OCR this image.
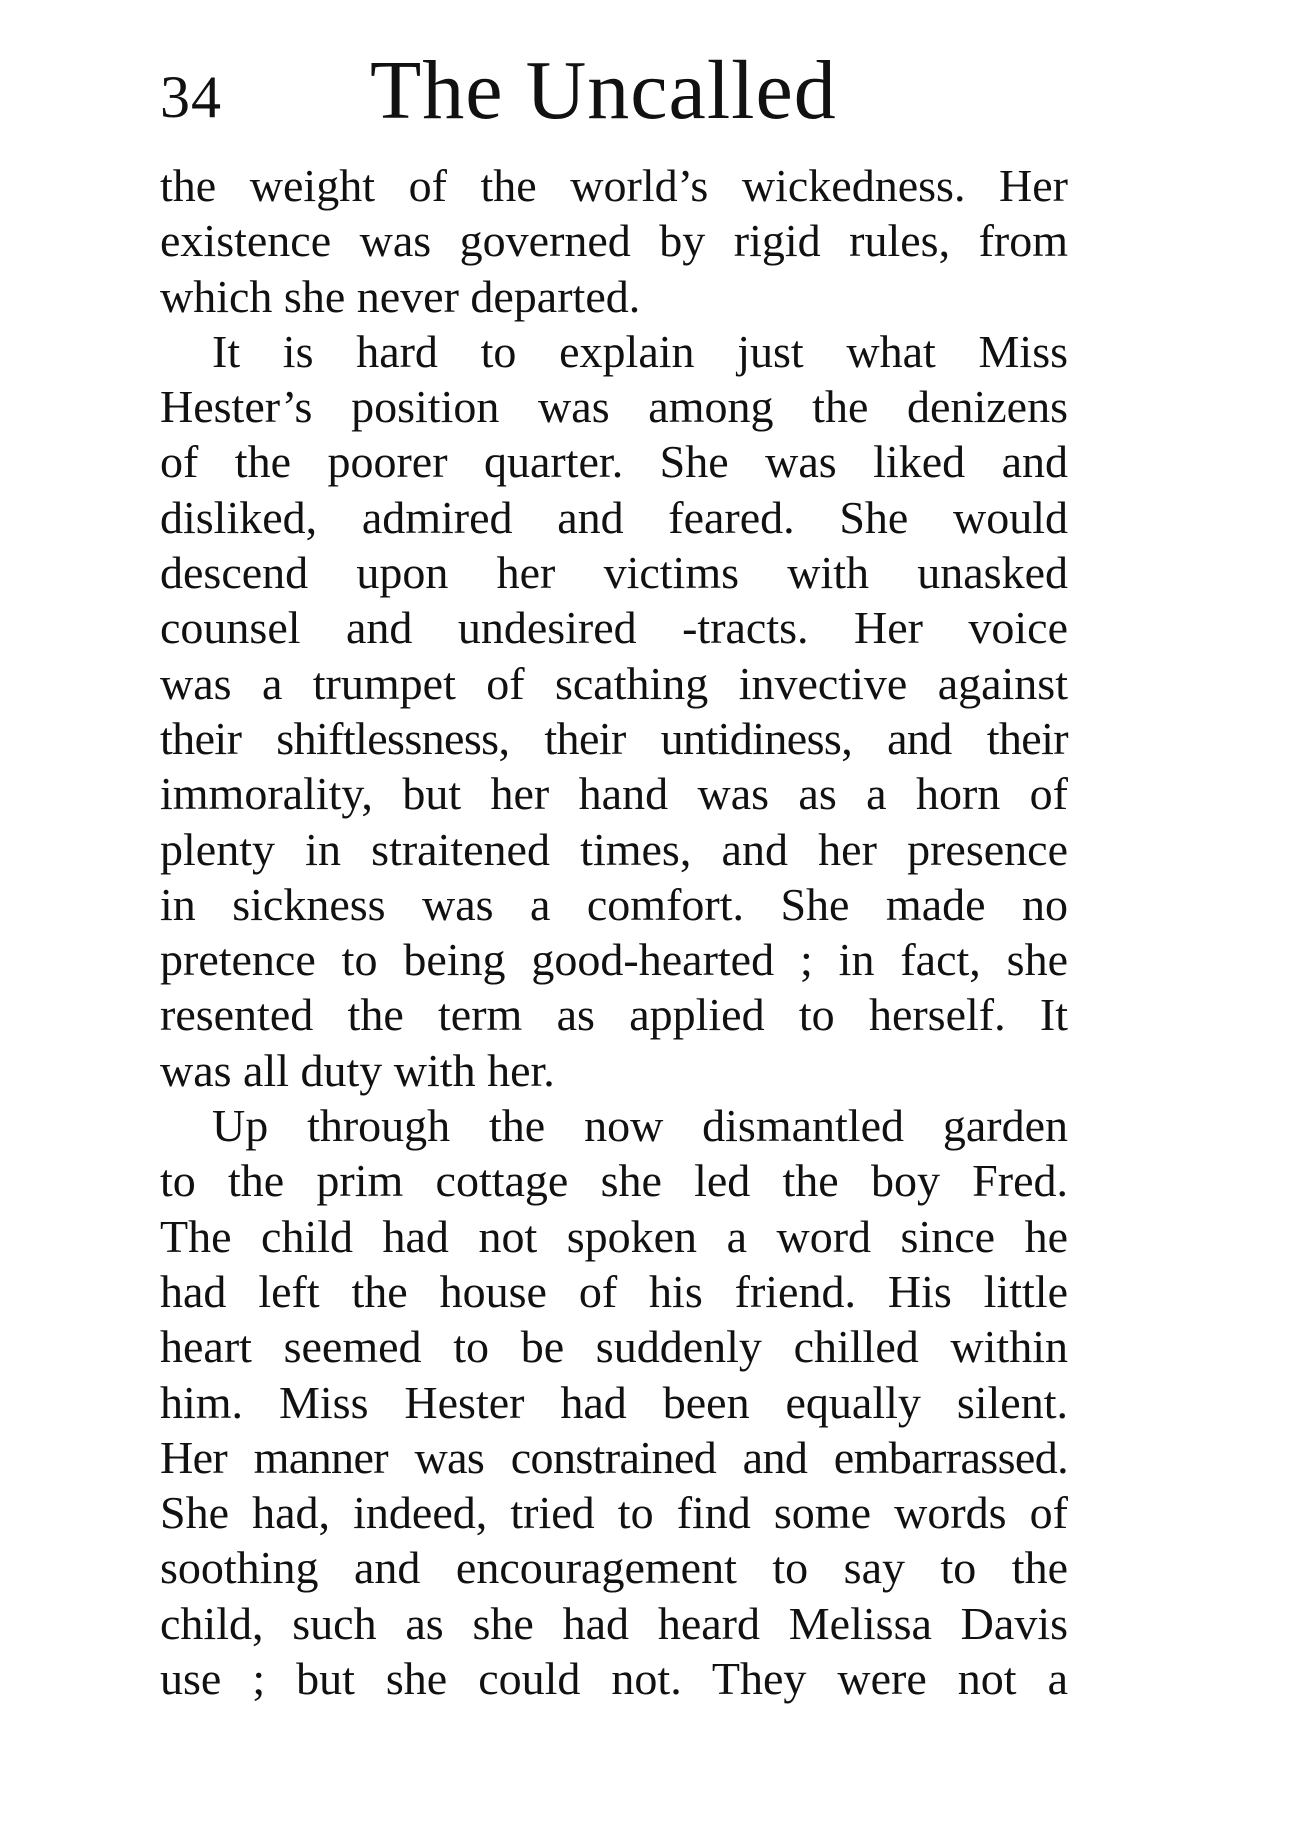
34 The Uncalled
the weight of the world’s wickedness. Her
existence was governed by rigid rules, from
which she never departed.
It is hard to explain just what Miss
Hester’s position was among the denizens
of the poorer quarter. She was liked and
disliked, admired and feared. She would
descend upon her victims with unasked
counsel and undesired -tracts. Her voice
was a trumpet of scathing invective against
their shiftlessness, their untidiness, and their
immorality, but her hand was as a horn of
plenty in straitened times, and her presence
in sickness was a comfort. She made no
pretence to being good-hearted ; in fact, she
resented the term as applied to herself. It
was all duty with her.
Up through the now dismantled garden
to the prim cottage she led the boy Fred.
The child had not spoken a word since he
had left the house of his friend. His little
heart seemed to be suddenly chilled within
him. Miss Hester had been equally silent.
Her manner was constrained and embarrassed.
She had, indeed, tried to find some words of
soothing and encouragement to say to the
child, such as she had heard Melissa Davis
use ; but she could not. They were not a
